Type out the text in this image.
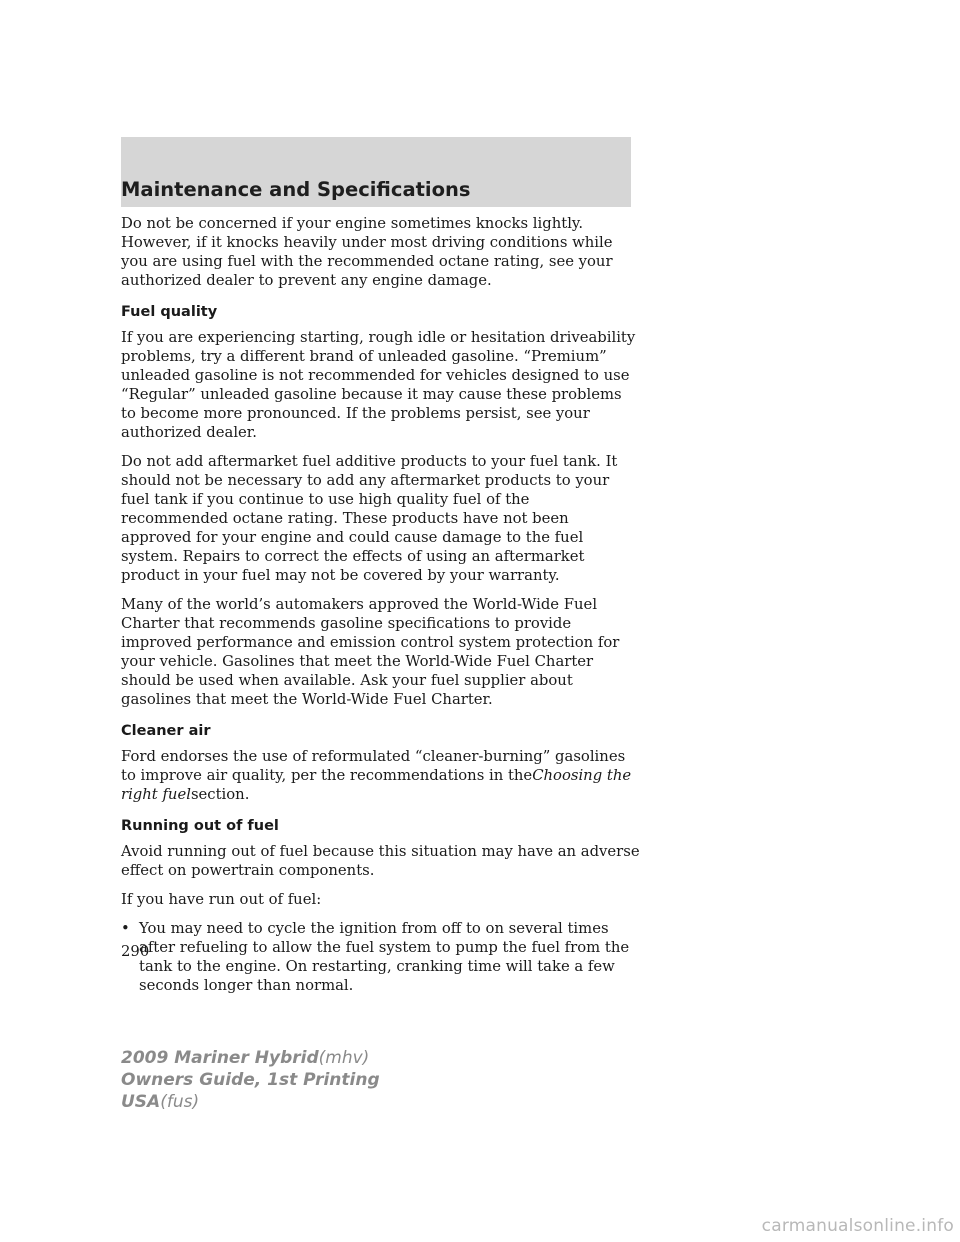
Maintenance and Specifications

Do not be concerned if your engine sometimes knocks lightly. However, if it knocks heavily under most driving conditions while you are using fuel with the recommended octane rating, see your authorized dealer to prevent any engine damage.

Fuel quality

If you are experiencing starting, rough idle or hesitation driveability problems, try a different brand of unleaded gasoline. “Premium” unleaded gasoline is not recommended for vehicles designed to use “Regular” unleaded gasoline because it may cause these problems to become more pronounced. If the problems persist, see your authorized dealer.

Do not add aftermarket fuel additive products to your fuel tank. It should not be necessary to add any aftermarket products to your fuel tank if you continue to use high quality fuel of the recommended octane rating. These products have not been approved for your engine and could cause damage to the fuel system. Repairs to correct the effects of using an aftermarket product in your fuel may not be covered by your warranty.

Many of the world’s automakers approved the World-Wide Fuel Charter that recommends gasoline specifications to provide improved performance and emission control system protection for your vehicle. Gasolines that meet the World-Wide Fuel Charter should be used when available. Ask your fuel supplier about gasolines that meet the World-Wide Fuel Charter.

Cleaner air

Ford endorses the use of reformulated “cleaner-burning” gasolines to improve air quality, per the recommendations in theChoosing the right fuelsection.

Running out of fuel

Avoid running out of fuel because this situation may have an adverse effect on powertrain components.

If you have run out of fuel:

• You may need to cycle the ignition from off to on several times after refueling to allow the fuel system to pump the fuel from the tank to the engine. On restarting, cranking time will take a few seconds longer than normal.
290
2009 Mariner Hybrid(mhv)
Owners Guide, 1st Printing
USA(fus)
carmanualsonline.info
